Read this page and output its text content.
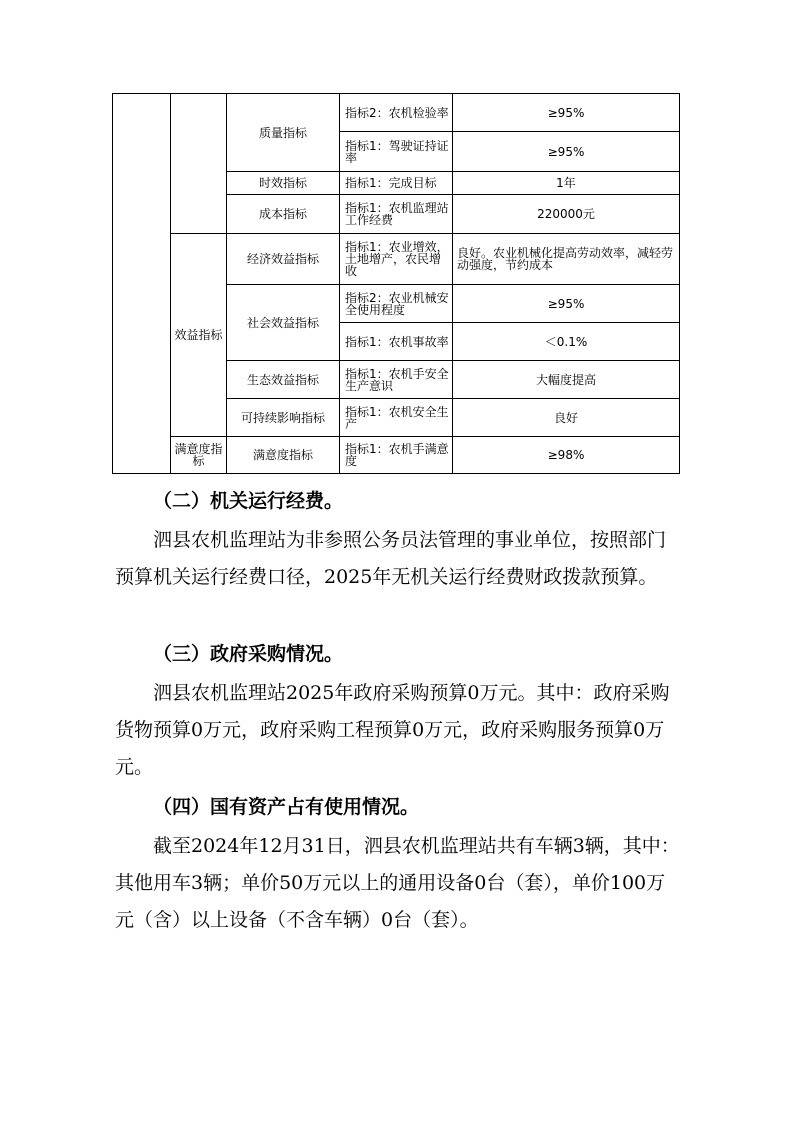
		质量指标	指标2：农机检验率	≥95%
			指标1：驾驶证持证率	≥95%
		时效指标	指标1：完成目标	1年
		成本指标	指标1：农机监理站工作经费	220000元
	效益指标	经济效益指标	指标1：农业增效，土地增产，农民增收	良好。农业机械化提高劳动效率，减轻劳动强度，节约成本
		社会效益指标	指标2：农业机械安全使用程度	≥95%
			指标1：农机事故率	＜0.1%
		生态效益指标	指标1：农机手安全生产意识	大幅度提高
		可持续影响指标	指标1：农机安全生产	良好
	满意度指标	满意度指标	指标1：农机手满意度	≥98%

（二）机关运行经费。

泗县农机监理站为非参照公务员法管理的事业单位，按照部门预算机关运行经费口径，2025年无机关运行经费财政拨款预算。

（三）政府采购情况。

泗县农机监理站2025年政府采购预算0万元。其中：政府采购货物预算0万元，政府采购工程预算0万元，政府采购服务预算0万元。

（四）国有资产占有使用情况。

截至2024年12月31日，泗县农机监理站共有车辆3辆，其中：其他用车3辆；单价50万元以上的通用设备0台（套），单价100万元（含）以上设备（不含车辆）0台（套）。
